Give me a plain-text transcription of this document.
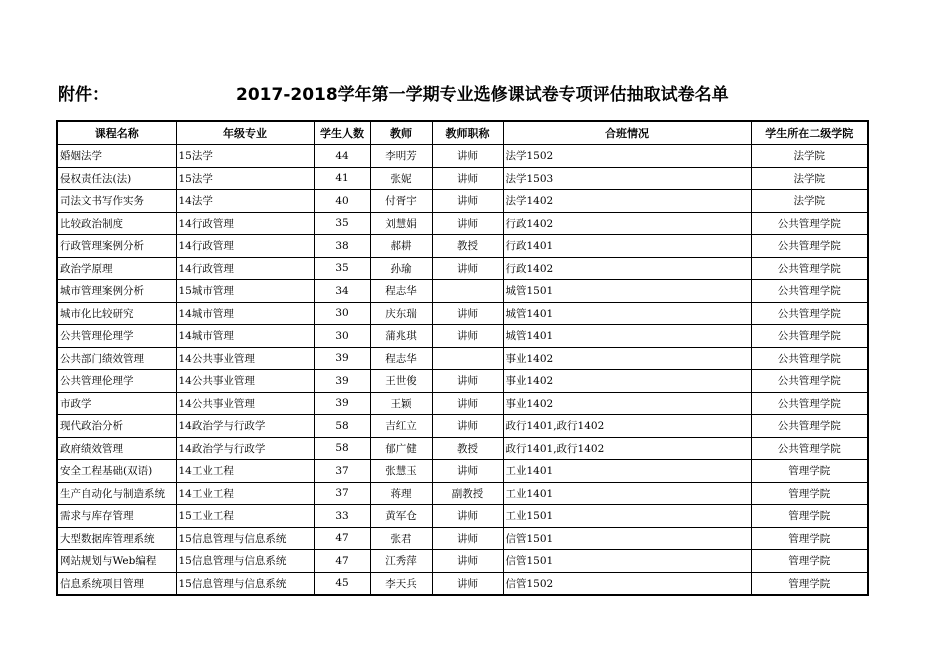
附件：	2017-2018学年第一学期专业选修课试卷专项评估抽取试卷名单
课程名称	年级专业	学生人数	教师	教师职称	合班情况	学生所在二级学院
婚姻法学	15法学	44	李明芳	讲师	法学1502	法学院
侵权责任法(法)	15法学	41	张妮	讲师	法学1503	法学院
司法文书写作实务	14法学	40	付胥宇	讲师	法学1402	法学院
比较政治制度	14行政管理	35	刘慧娟	讲师	行政1402	公共管理学院
行政管理案例分析	14行政管理	38	郝耕	教授	行政1401	公共管理学院
政治学原理	14行政管理	35	孙瑜	讲师	行政1402	公共管理学院
城市管理案例分析	15城市管理	34	程志华		城管1501	公共管理学院
城市化比较研究	14城市管理	30	庆东瑞	讲师	城管1401	公共管理学院
公共管理伦理学	14城市管理	30	蒲兆琪	讲师	城管1401	公共管理学院
公共部门绩效管理	14公共事业管理	39	程志华		事业1402	公共管理学院
公共管理伦理学	14公共事业管理	39	王世俊	讲师	事业1402	公共管理学院
市政学	14公共事业管理	39	王颖	讲师	事业1402	公共管理学院
现代政治分析	14政治学与行政学	58	吉红立	讲师	政行1401,政行1402	公共管理学院
政府绩效管理	14政治学与行政学	58	郁广健	教授	政行1401,政行1402	公共管理学院
安全工程基础(双语)	14工业工程	37	张慧玉	讲师	工业1401	管理学院
生产自动化与制造系统	14工业工程	37	蒋理	副教授	工业1401	管理学院
需求与库存管理	15工业工程	33	黄军仓	讲师	工业1501	管理学院
大型数据库管理系统	15信息管理与信息系统	47	张君	讲师	信管1501	管理学院
网站规划与Web编程	15信息管理与信息系统	47	江秀萍	讲师	信管1501	管理学院
信息系统项目管理	15信息管理与信息系统	45	李天兵	讲师	信管1502	管理学院
